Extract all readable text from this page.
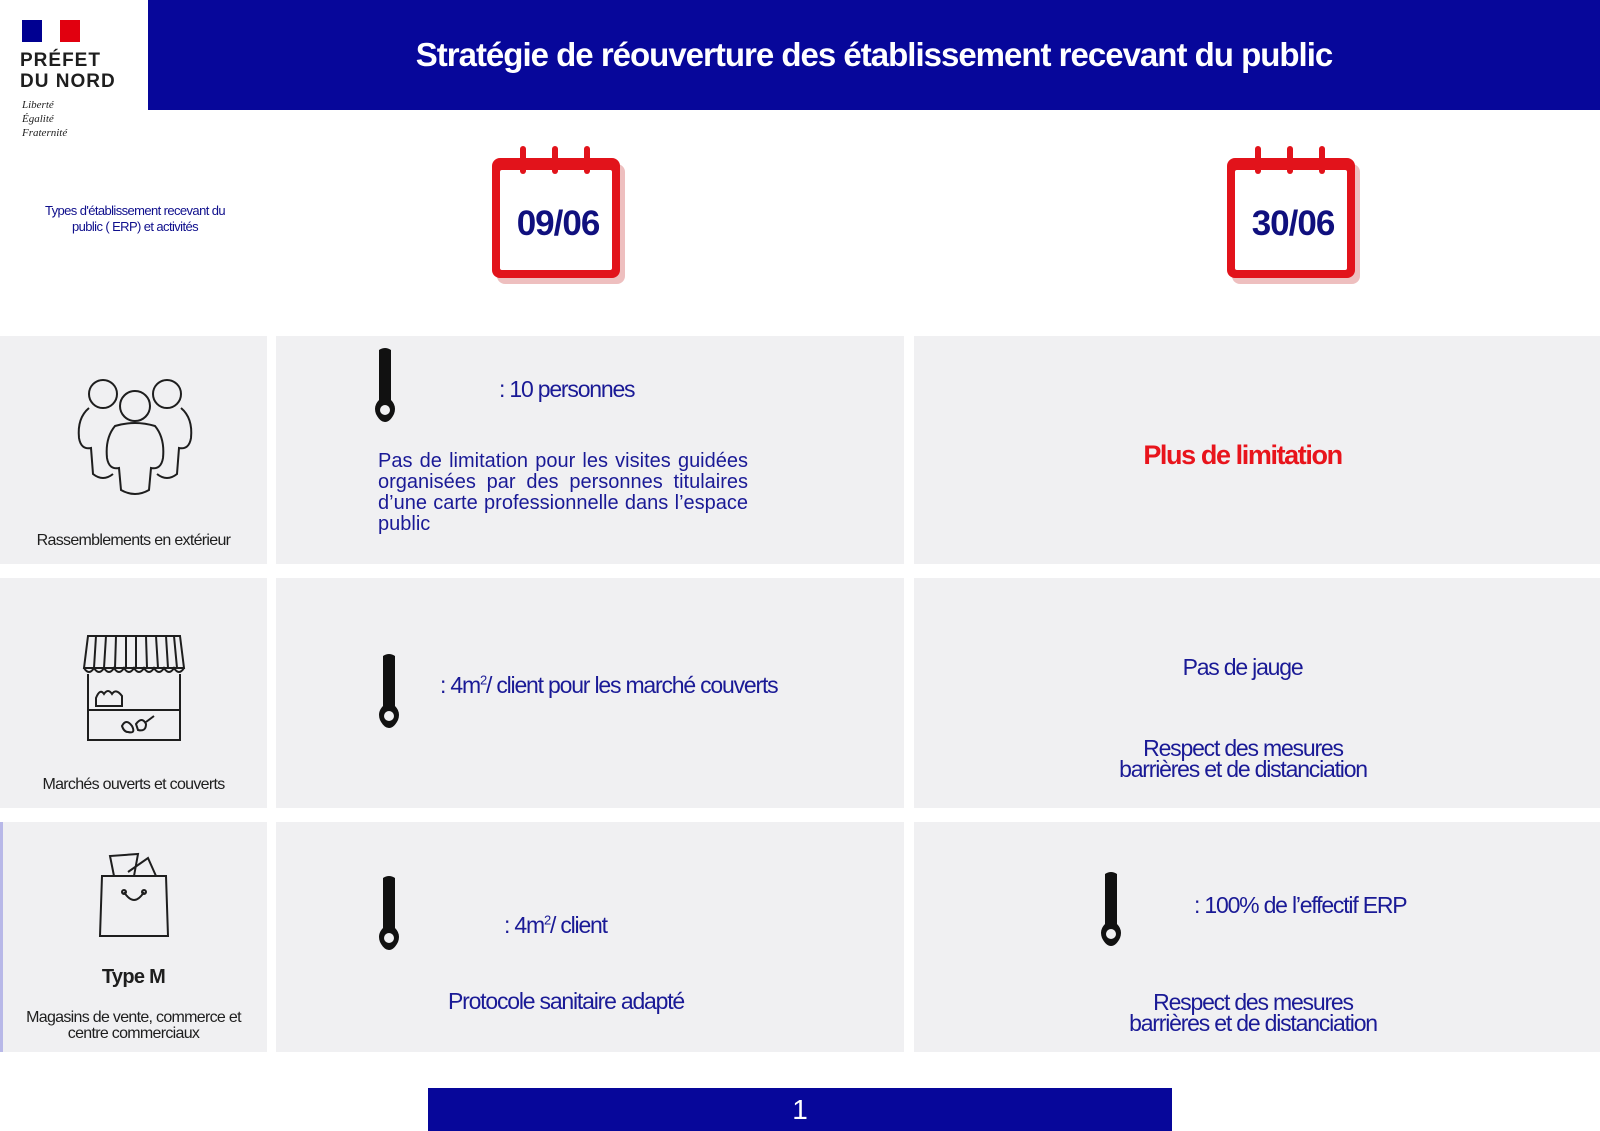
PRÉFET
DU NORD
Liberté
Égalité
Fraternité
Stratégie de réouverture des établissement recevant du public
Types d'établissement recevant du public ( ERP) et activités	09/06	30/06
Rassemblements en extérieur
: 10 personnes
Pas de limitation pour les visites guidées organisées par des personnes titulaires d’une carte professionnelle dans l’espace public
Plus de limitation
Marchés ouverts et couverts
: $4m^2/$ client pour les marché couverts
Pas de jauge
Respect des mesures barrières et de distanciation
Type M
Magasins de vente, commerce et centre commerciaux
: $4m^2/$ client
Protocole sanitaire adapté
: 100% de l’effectif ERP
Respect des mesures barrières et de distanciation
1
